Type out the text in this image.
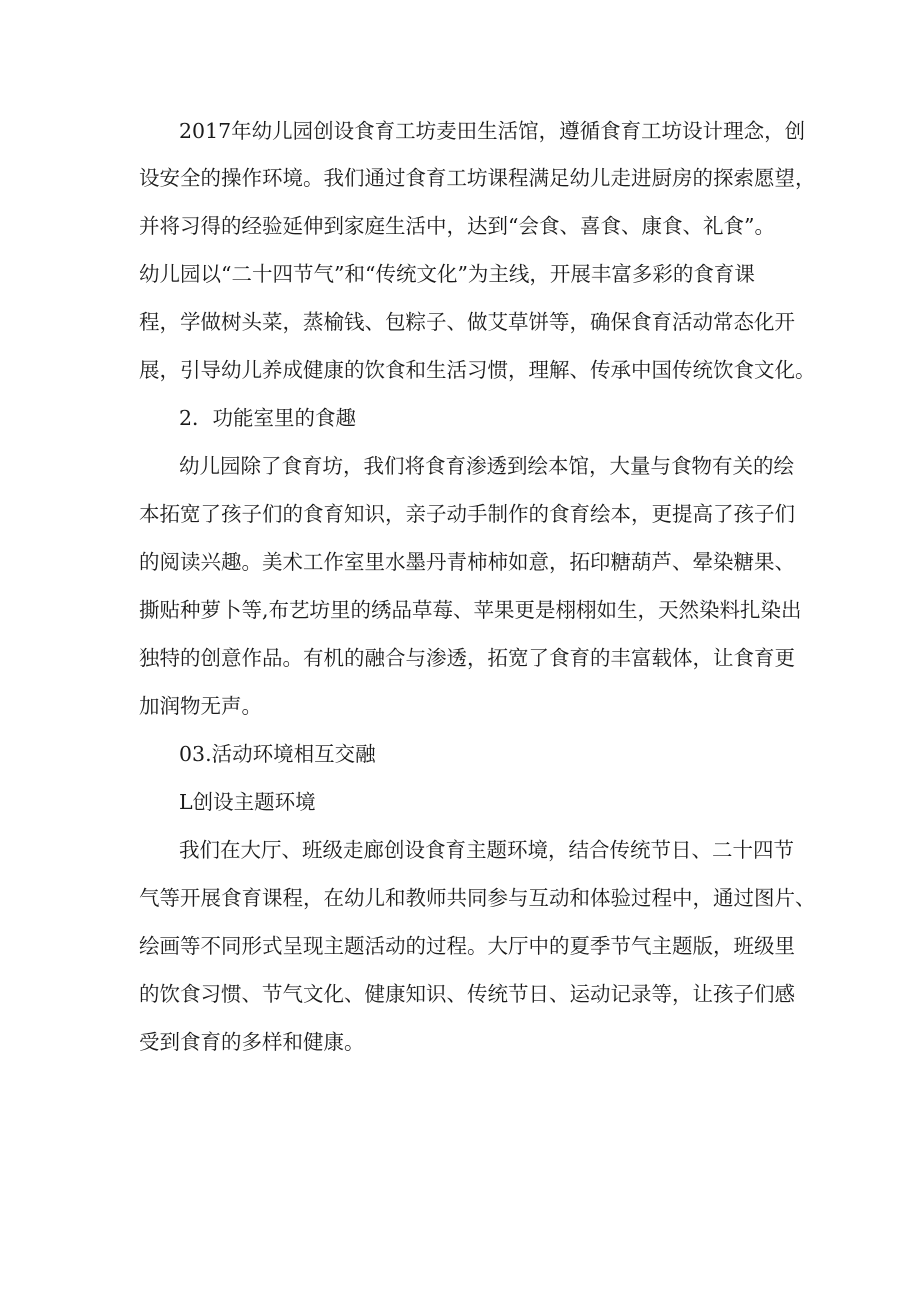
2017年幼儿园创设食育工坊麦田生活馆，遵循食育工坊设计理念，创
设安全的操作环境。我们通过食育工坊课程满足幼儿走进厨房的探索愿望，
并将习得的经验延伸到家庭生活中，达到“会食、喜食、康食、礼食”。
幼儿园以“二十四节气”和“传统文化”为主线，开展丰富多彩的食育课
程，学做树头菜，蒸榆钱、包粽子、做艾草饼等，确保食育活动常态化开
展，引导幼儿养成健康的饮食和生活习惯，理解、传承中国传统饮食文化。
2．功能室里的食趣
幼儿园除了食育坊，我们将食育渗透到绘本馆，大量与食物有关的绘
本拓宽了孩子们的食育知识，亲子动手制作的食育绘本，更提高了孩子们
的阅读兴趣。美术工作室里水墨丹青柿柿如意，拓印糖葫芦、晕染糖果、
撕贴种萝卜等,布艺坊里的绣品草莓、苹果更是栩栩如生，天然染料扎染出
独特的创意作品。有机的融合与渗透，拓宽了食育的丰富载体，让食育更
加润物无声。
03.活动环境相互交融
L创设主题环境
我们在大厅、班级走廊创设食育主题环境，结合传统节日、二十四节
气等开展食育课程，在幼儿和教师共同参与互动和体验过程中，通过图片、
绘画等不同形式呈现主题活动的过程。大厅中的夏季节气主题版，班级里
的饮食习惯、节气文化、健康知识、传统节日、运动记录等，让孩子们感
受到食育的多样和健康。
